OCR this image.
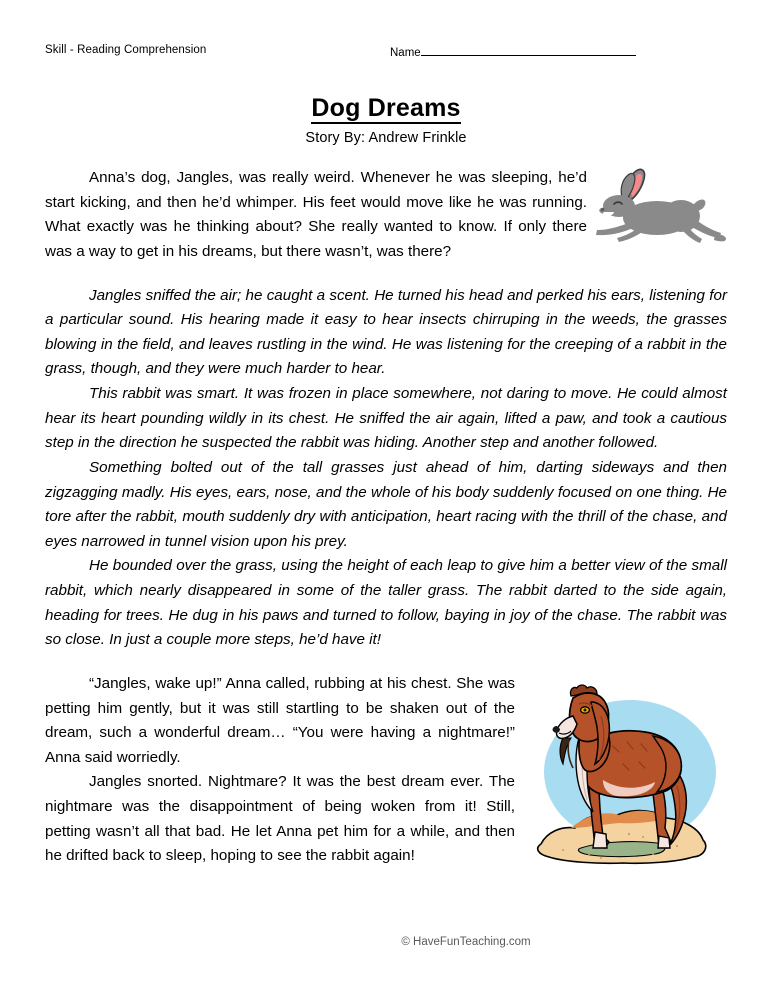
Skill - Reading Comprehension	Name
Dog Dreams
Story By: Andrew Frinkle

Anna’s dog, Jangles, was really weird. Whenever he was sleeping, he’d start kicking, and then he’d whimper. His feet would move like he was running. What exactly was he thinking about? She really wanted to know. If only there was a way to get in his dreams, but there wasn’t, was there?

Jangles sniffed the air; he caught a scent. He turned his head and perked his ears, listening for a particular sound. His hearing made it easy to hear insects chirruping in the weeds, the grasses blowing in the field, and leaves rustling in the wind. He was listening for the creeping of a rabbit in the grass, though, and they were much harder to hear.

This rabbit was smart. It was frozen in place somewhere, not daring to move. He could almost hear its heart pounding wildly in its chest. He sniffed the air again, lifted a paw, and took a cautious step in the direction he suspected the rabbit was hiding. Another step and another followed.

Something bolted out of the tall grasses just ahead of him, darting sideways and then zigzagging madly. His eyes, ears, nose, and the whole of his body suddenly focused on one thing. He tore after the rabbit, mouth suddenly dry with anticipation, heart racing with the thrill of the chase, and eyes narrowed in tunnel vision upon his prey.

He bounded over the grass, using the height of each leap to give him a better view of the small rabbit, which nearly disappeared in some of the taller grass. The rabbit darted to the side again, heading for trees. He dug in his paws and turned to follow, baying in joy of the chase. The rabbit was so close. In just a couple more steps, he’d have it!

“Jangles, wake up!” Anna called, rubbing at his chest. She was petting him gently, but it was still startling to be shaken out of the dream, such a wonderful dream… “You were having a nightmare!” Anna said worriedly.

Jangles snorted. Nightmare? It was the best dream ever. The nightmare was the disappointment of being woken from it! Still, petting wasn’t all that bad. He let Anna pet him for a while, and then he drifted back to sleep, hoping to see the rabbit again!

© HaveFunTeaching.com
